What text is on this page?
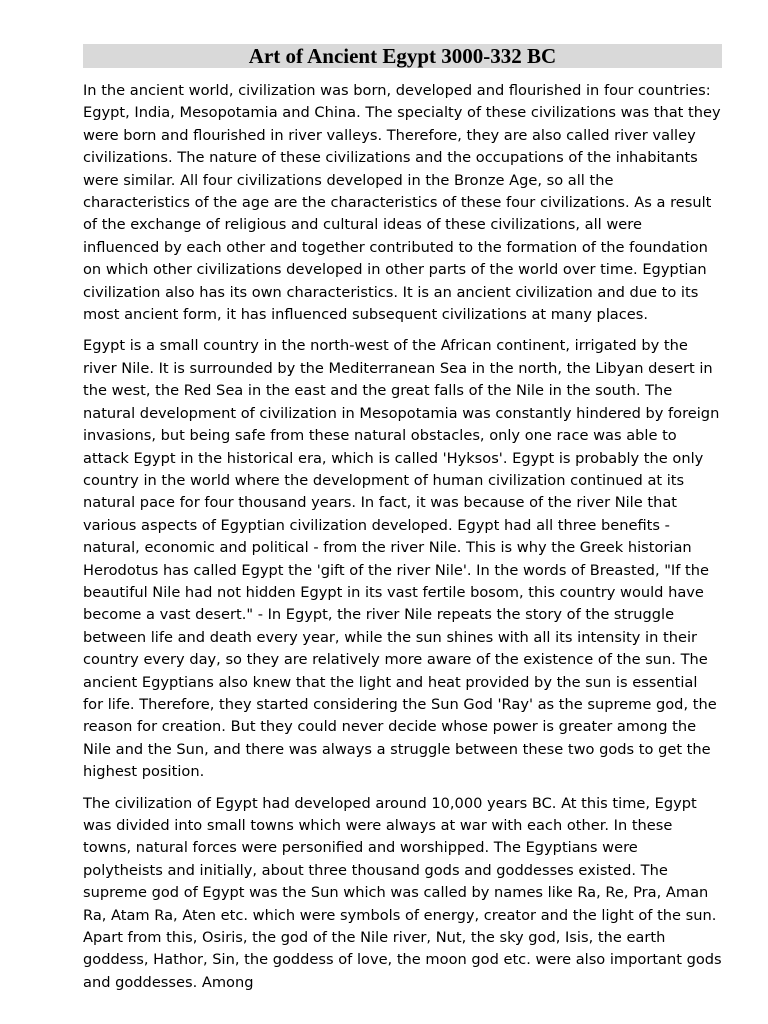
Art of Ancient Egypt 3000-332 BC

In the ancient world, civilization was born, developed and flourished in four countries: Egypt, India, Mesopotamia and China. The specialty of these civilizations was that they were born and flourished in river valleys. Therefore, they are also called river valley civilizations. The nature of these civilizations and the occupations of the inhabitants were similar. All four civilizations developed in the Bronze Age, so all the characteristics of the age are the characteristics of these four civilizations. As a result of the exchange of religious and cultural ideas of these civilizations, all were influenced by each other and together contributed to the formation of the foundation on which other civilizations developed in other parts of the world over time. Egyptian civilization also has its own characteristics. It is an ancient civilization and due to its most ancient form, it has influenced subsequent civilizations at many places.

Egypt is a small country in the north-west of the African continent, irrigated by the river Nile. It is surrounded by the Mediterranean Sea in the north, the Libyan desert in the west, the Red Sea in the east and the great falls of the Nile in the south. The natural development of civilization in Mesopotamia was constantly hindered by foreign invasions, but being safe from these natural obstacles, only one race was able to attack Egypt in the historical era, which is called 'Hyksos'. Egypt is probably the only country in the world where the development of human civilization continued at its natural pace for four thousand years. In fact, it was because of the river Nile that various aspects of Egyptian civilization developed. Egypt had all three benefits - natural, economic and political - from the river Nile. This is why the Greek historian Herodotus has called Egypt the 'gift of the river Nile'. In the words of Breasted, "If the beautiful Nile had not hidden Egypt in its vast fertile bosom, this country would have become a vast desert." - In Egypt, the river Nile repeats the story of the struggle between life and death every year, while the sun shines with all its intensity in their country every day, so they are relatively more aware of the existence of the sun. The ancient Egyptians also knew that the light and heat provided by the sun is essential for life. Therefore, they started considering the Sun God 'Ray' as the supreme god, the reason for creation. But they could never decide whose power is greater among the Nile and the Sun, and there was always a struggle between these two gods to get the highest position.

The civilization of Egypt had developed around 10,000 years BC. At this time, Egypt was divided into small towns which were always at war with each other. In these towns, natural forces were personified and worshipped. The Egyptians were polytheists and initially, about three thousand gods and goddesses existed. The supreme god of Egypt was the Sun which was called by names like Ra, Re, Pra, Aman Ra, Atam Ra, Aten etc. which were symbols of energy, creator and the light of the sun. Apart from this, Osiris, the god of the Nile river, Nut, the sky god, Isis, the earth goddess, Hathor, Sin, the goddess of love, the moon god etc. were also important gods and goddesses. Among
